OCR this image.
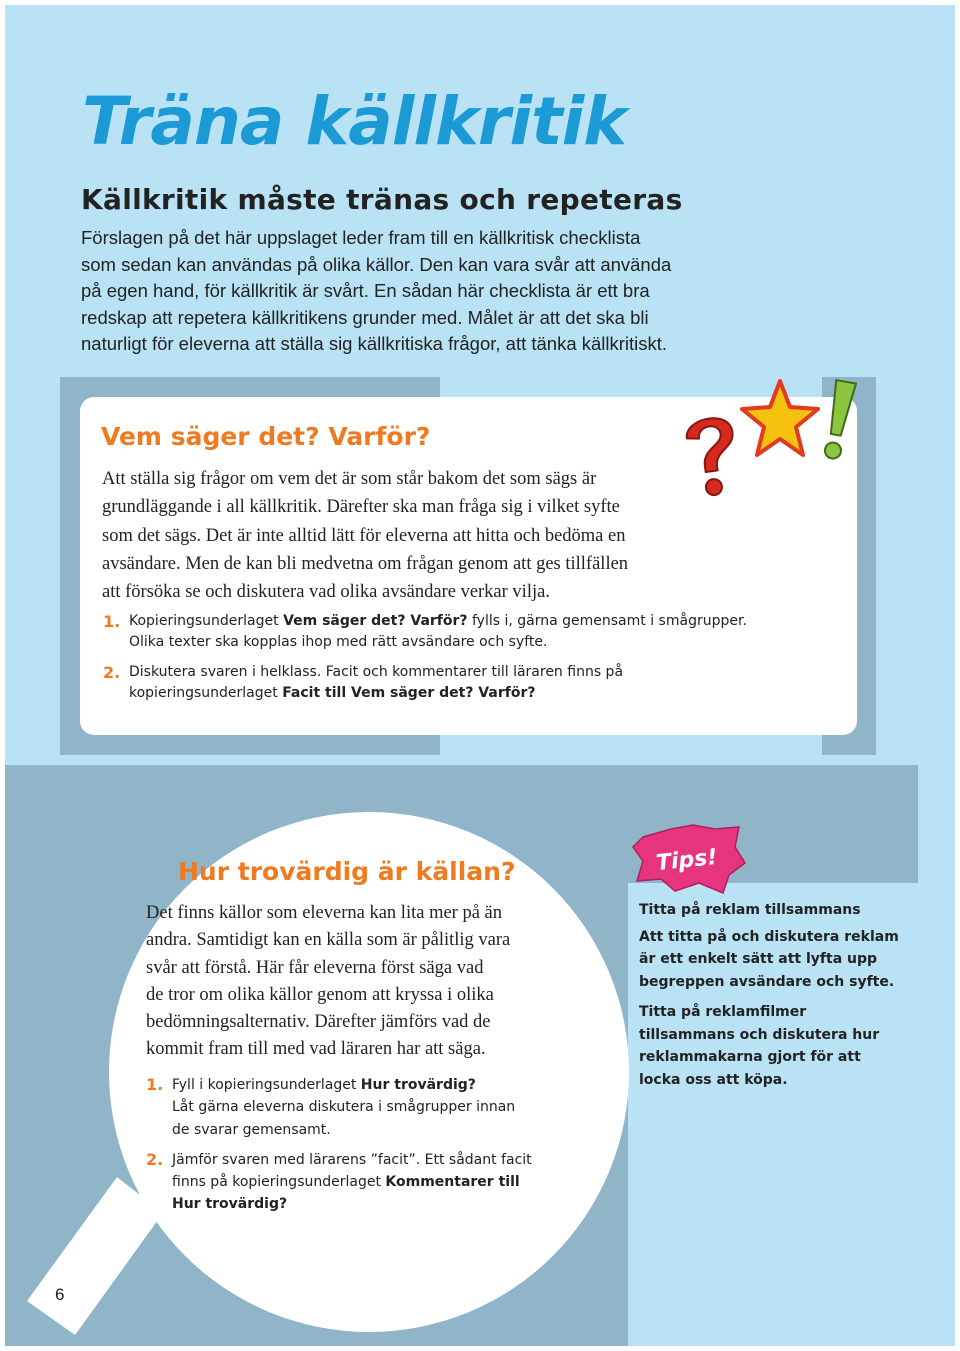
Träna källkritik
Källkritik måste tränas och repeteras

Förslagen på det här uppslaget leder fram till en källkritisk checklista
som sedan kan användas på olika källor. Den kan vara svår att använda
på egen hand, för källkritik är svårt. En sådan här checklista är ett bra
redskap att repetera källkritikens grunder med. Målet är att det ska bli
naturligt för eleverna att ställa sig källkritiska frågor, att tänka källkritiskt.

Vem säger det? Varför?

Att ställa sig frågor om vem det är som står bakom det som sägs är
grundläggande i all källkritik. Därefter ska man fråga sig i vilket syfte
som det sägs. Det är inte alltid lätt för eleverna att hitta och bedöma en
avsändare. Men de kan bli medvetna om frågan genom att ges tillfällen
att försöka se och diskutera vad olika avsändare verkar vilja.

1. Kopieringsunderlaget Vem säger det? Varför? fylls i, gärna gemensamt i smågrupper.
Olika texter ska kopplas ihop med rätt avsändare och syfte.
2. Diskutera svaren i helklass. Facit och kommentarer till läraren finns på
kopieringsunderlaget Facit till Vem säger det? Varför?
Hur trovärdig är källan?

Det finns källor som eleverna kan lita mer på än
andra. Samtidigt kan en källa som är pålitlig vara
svår att förstå. Här får eleverna först säga vad
de tror om olika källor genom att kryssa i olika
bedömningsalternativ. Därefter jämförs vad de
kommit fram till med vad läraren har att säga.

1. Fyll i kopieringsunderlaget Hur trovärdig?
Låt gärna eleverna diskutera i smågrupper innan
de svarar gemensamt.
2. Jämför svaren med lärarens ”facit”. Ett sådant facit
finns på kopieringsunderlaget Kommentarer till
Hur trovärdig?
Tips!
Titta på reklam tillsammans
Att titta på och diskutera reklam
är ett enkelt sätt att lyfta upp
begreppen avsändare och syfte.
Titta på reklamfilmer
tillsammans och diskutera hur
reklammakarna gjort för att
locka oss att köpa.

6
